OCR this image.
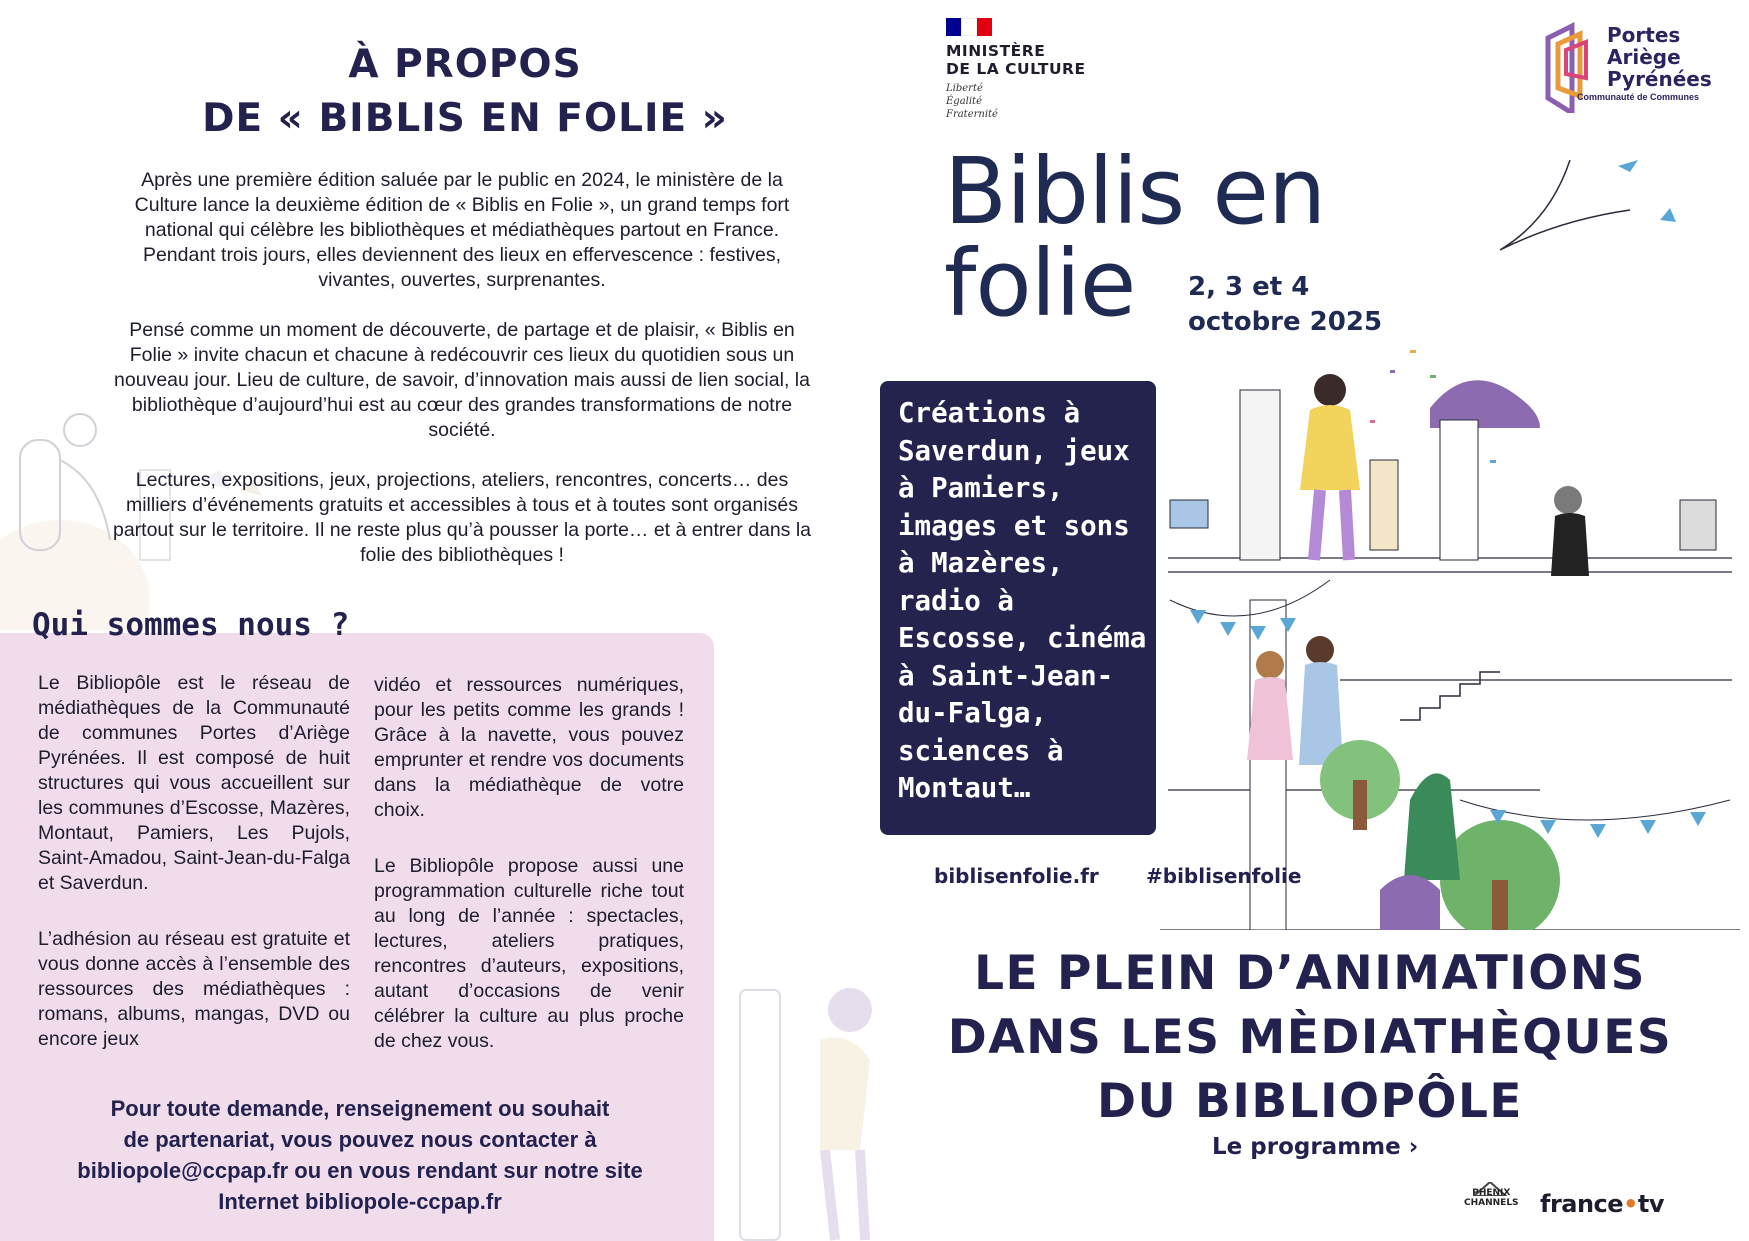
À PROPOS
DE « BIBLIS EN FOLIE »
Après une première édition saluée par le public en 2024, le ministère de la Culture lance la deuxième édition de « Biblis en Folie », un grand temps fort national qui célèbre les bibliothèques et médiathèques partout en France. Pendant trois jours, elles deviennent des lieux en effervescence : festives, vivantes, ouvertes, surprenantes.
Pensé comme un moment de découverte, de partage et de plaisir, « Biblis en Folie » invite chacun et chacune à redécouvrir ces lieux du quotidien sous un nouveau jour. Lieu de culture, de savoir, d’innovation mais aussi de lien social, la bibliothèque d’aujourd’hui est au cœur des grandes transformations de notre société.
Lectures, expositions, jeux, projections, ateliers, rencontres, concerts… des milliers d’événements gratuits et accessibles à tous et à toutes sont organisés partout sur le territoire. Il ne reste plus qu’à pousser la porte… et à entrer dans la folie des bibliothèques !
Qui sommes nous ?

Le Bibliopôle est le réseau de médiathèques de la Communauté de communes Portes d’Ariège Pyrénées. Il est composé de huit structures qui vous accueillent sur les communes d’Escosse, Mazères, Montaut, Pamiers, Les Pujols, Saint-Amadou, Saint-Jean-du-Falga et Saverdun.

L’adhésion au réseau est gratuite et vous donne accès à l’ensemble des ressources des médiathèques : romans, albums, mangas, DVD ou encore jeux

vidéo et ressources numériques, pour les petits comme les grands ! Grâce à la navette, vous pouvez emprunter et rendre vos documents dans la médiathèque de votre choix.

Le Bibliopôle propose aussi une programmation culturelle riche tout au long de l’année : spectacles, lectures, ateliers pratiques, rencontres d’auteurs, expositions, autant d’occasions de venir célébrer la culture au plus proche de chez vous.

Pour toute demande, renseignement ou souhait
de partenariat, vous pouvez nous contacter à
bibliopole@ccpap.fr ou en vous rendant sur notre site
Internet bibliopole-ccpap.fr
MINISTÈRE
DE LA CULTURE
Liberté
Égalité
Fraternité
Portes
Ariège
Pyrénées
Communauté de Communes
Biblis en
folie	2, 3 et 4
octobre 2025
Créations à Saverdun, jeux à Pamiers, images et sons à Mazères, radio à Escosse, cinéma à Saint-Jean-du-Falga, sciences à Montaut…
biblisenfolie.fr #biblisenfolie
LE PLEIN D’ANIMATIONS
DANS LES MÈDIATHÈQUES
DU BIBLIOPÔLE
Le programme ›
PHENIX
CHANNELS france•tv
